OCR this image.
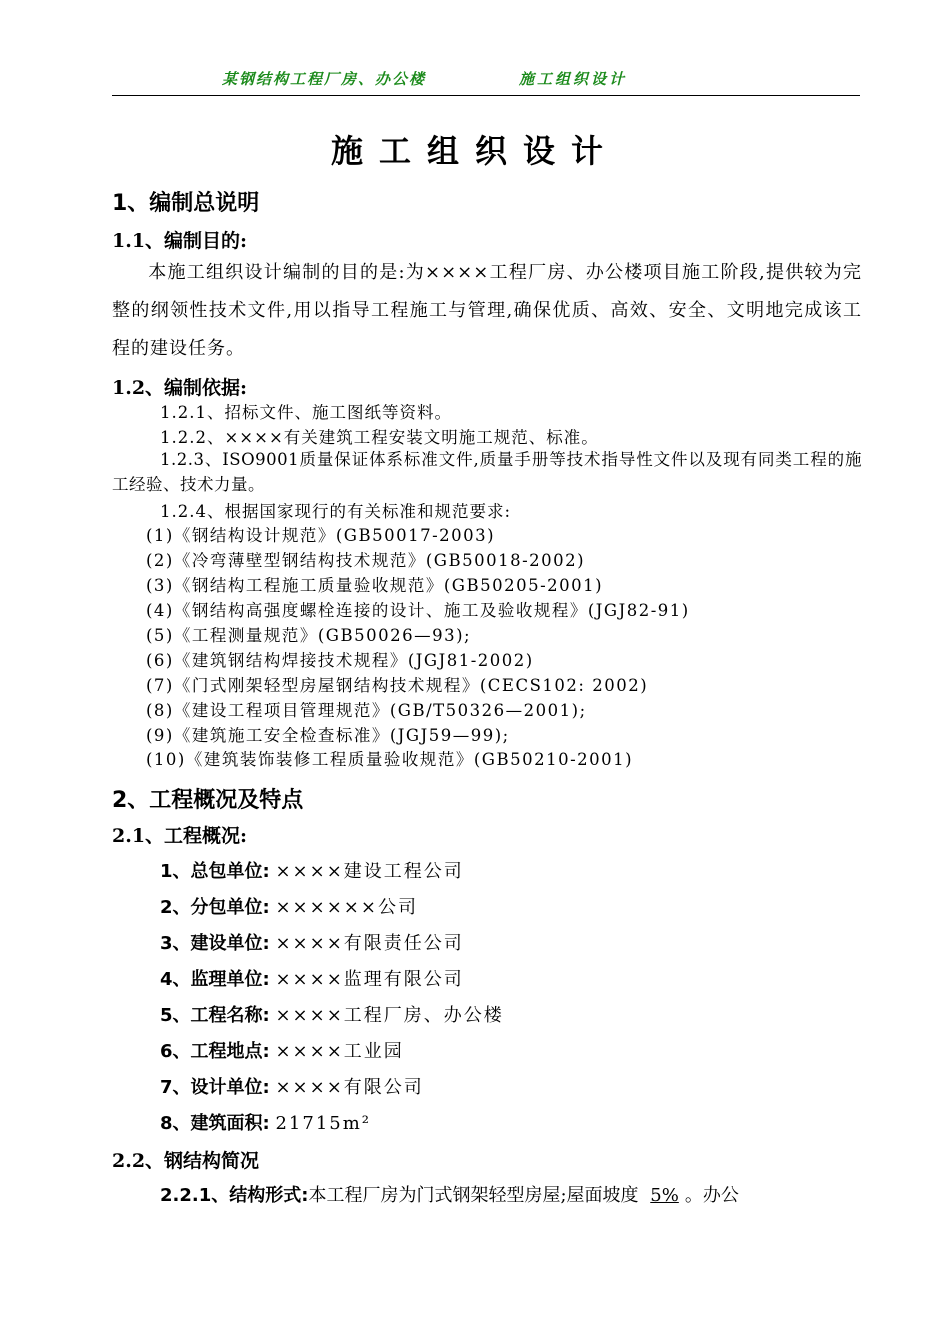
某钢结构工程厂房、办公楼	施工组织设计
施工组织设计
1、编制总说明
1.1、编制目的:
本施工组织设计编制的目的是:为××××工程厂房、办公楼项目施工阶段,提供较为完整的纲领性技术文件,用以指导工程施工与管理,确保优质、高效、安全、文明地完成该工程的建设任务。
1.2、编制依据:
1.2.1、招标文件、施工图纸等资料。
1.2.2、××××有关建筑工程安装文明施工规范、标准。
1.2.3、ISO9001质量保证体系标准文件,质量手册等技术指导性文件以及现有同类工程的施工经验、技术力量。
1.2.4、根据国家现行的有关标准和规范要求:
(1)《钢结构设计规范》(GB50017-2003)
(2)《冷弯薄壁型钢结构技术规范》(GB50018-2002)
(3)《钢结构工程施工质量验收规范》(GB50205-2001)
(4)《钢结构高强度螺栓连接的设计、施工及验收规程》(JGJ82-91)
(5)《工程测量规范》(GB50026—93);
(6)《建筑钢结构焊接技术规程》(JGJ81-2002)
(7)《门式刚架轻型房屋钢结构技术规程》(CECS102: 2002)
(8)《建设工程项目管理规范》(GB/T50326—2001);
(9)《建筑施工安全检查标准》(JGJ59—99);
(10)《建筑装饰装修工程质量验收规范》(GB50210-2001)
2、工程概况及特点
2.1、工程概况:
1、总包单位: ××××建设工程公司
2、分包单位: ××××××公司
3、建设单位: ××××有限责任公司
4、监理单位: ××××监理有限公司
5、工程名称: ××××工程厂房、办公楼
6、工程地点: ××××工业园
7、设计单位: ××××有限公司
8、建筑面积: 21715m²
2.2、钢结构简况
2.2.1、结构形式:本工程厂房为门式钢架轻型房屋;屋面坡度 5% 。办公
